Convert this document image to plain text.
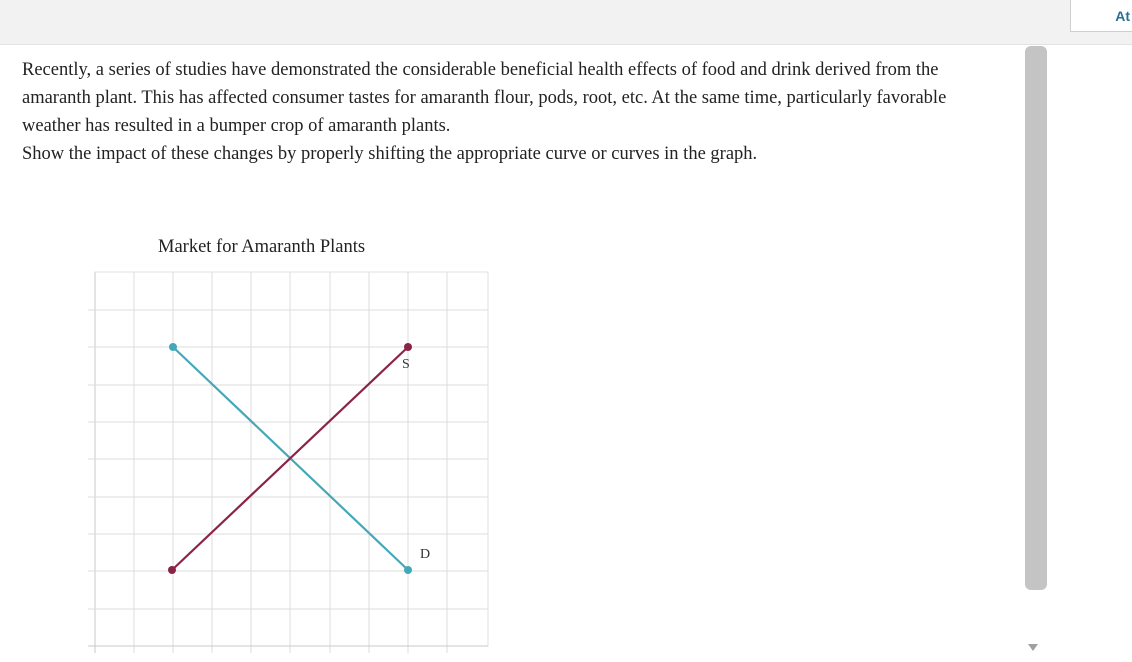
At

Recently, a series of studies have demonstrated the considerable beneficial health effects of food and drink derived from the amaranth plant. This has affected consumer tastes for amaranth flour, pods, root, etc. At the same time, particularly favorable weather has resulted in a bumper crop of amaranth plants.

Show the impact of these changes by properly shifting the appropriate curve or curves in the graph.

Market for Amaranth Plants
D
S
